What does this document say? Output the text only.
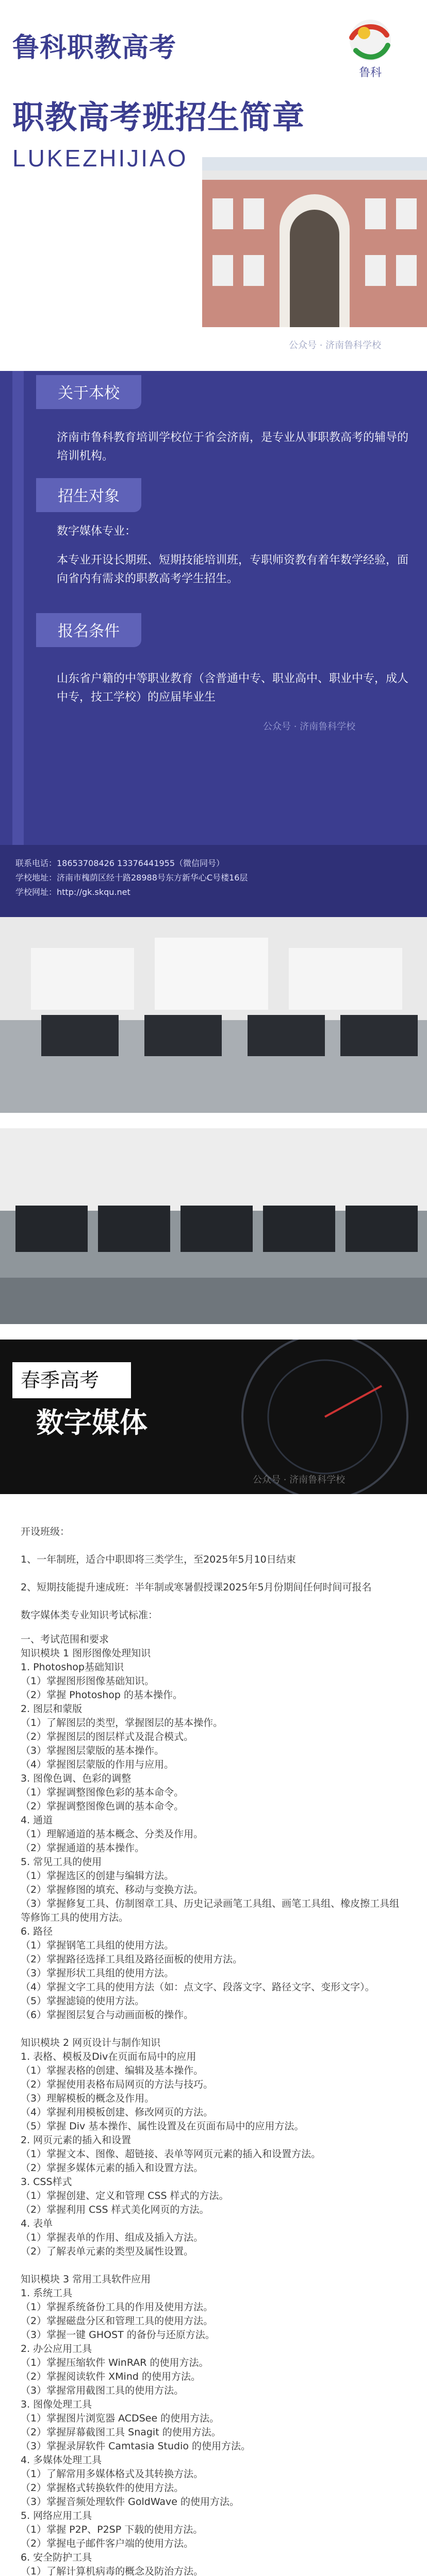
鲁科职教高考
鲁科
职教高考班招生简章
LUKEZHIJIAO
公众号 · 济南鲁科学校
关于本校
济南市鲁科教育培训学校位于省会济南，是专业从事职教高考的辅导的培训机构。
招生对象
数字媒体专业：
本专业开设长期班、短期技能培训班，专职师资教有着年数学经验，面向省内有需求的职教高考学生招生。
报名条件
山东省户籍的中等职业教育（含普通中专、职业高中、职业中专，成人中专，技工学校）的应届毕业生
公众号 · 济南鲁科学校
联系电话：18653708426 13376441955（微信同号）
学校地址：济南市槐荫区经十路28988号东方新华心C号楼16层
学校网址：http://gk.skqu.net
春季高考
数字媒体
公众号 · 济南鲁科学校

开设班级：

1、一年制班，适合中职即将三类学生，至2025年5月10日结束

2、短期技能提升速成班：半年制或寒暑假授课2025年5月份期间任何时间可报名

数字媒体类专业知识考试标准：

一、考试范围和要求
知识模块 1 图形图像处理知识
1. Photoshop基础知识
（1）掌握图形图像基础知识。
（2）掌握 Photoshop 的基本操作。
2. 图层和蒙版
（1）了解图层的类型，掌握图层的基本操作。
（2）掌握图层的图层样式及混合模式。
（3）掌握图层蒙版的基本操作。
（4）掌握图层蒙版的作用与应用。
3. 图像色调、色彩的调整
（1）掌握调整图像色彩的基本命令。
（2）掌握调整图像色调的基本命令。
4. 通道
（1）理解通道的基本概念、分类及作用。
（2）掌握通道的基本操作。
5. 常见工具的使用
（1）掌握选区的创建与编辑方法。
（2）掌握修图的填充、移动与变换方法。
（3）掌握修复工具、仿制图章工具、历史记录画笔工具组、画笔工具组、橡皮擦工具组等修饰工具的使用方法。
6. 路径
（1）掌握钢笔工具组的使用方法。
（2）掌握路径选择工具组及路径面板的使用方法。
（3）掌握形状工具组的使用方法。
（4）掌握文字工具的使用方法（如：点文字、段落文字、路径文字、变形文字）。
（5）掌握滤镜的使用方法。
（6）掌握图层复合与动画面板的操作。

知识模块 2 网页设计与制作知识
1. 表格、模板及Div在页面布局中的应用
（1）掌握表格的创建、编辑及基本操作。
（2）掌握使用表格布局网页的方法与技巧。
（3）理解模板的概念及作用。
（4）掌握利用模板创建、修改网页的方法。
（5）掌握 Div 基本操作、属性设置及在页面布局中的应用方法。
2. 网页元素的插入和设置
（1）掌握文本、图像、超链接、表单等网页元素的插入和设置方法。
（2）掌握多媒体元素的插入和设置方法。
3. CSS样式
（1）掌握创建、定义和管理 CSS 样式的方法。
（2）掌握利用 CSS 样式美化网页的方法。
4. 表单
（1）掌握表单的作用、组成及插入方法。
（2）了解表单元素的类型及属性设置。

知识模块 3 常用工具软件应用
1. 系统工具
（1）掌握系统备份工具的作用及使用方法。
（2）掌握磁盘分区和管理工具的使用方法。
（3）掌握一键 GHOST 的备份与还原方法。
2. 办公应用工具
（1）掌握压缩软件 WinRAR 的使用方法。
（2）掌握阅读软件 XMind 的使用方法。
（3）掌握常用截图工具的使用方法。
3. 图像处理工具
（1）掌握图片浏览器 ACDSee 的使用方法。
（2）掌握屏幕截图工具 Snagit 的使用方法。
（3）掌握录屏软件 Camtasia Studio 的使用方法。
4. 多媒体处理工具
（1）了解常用多媒体格式及其转换方法。
（2）掌握格式转换软件的使用方法。
（3）掌握音频处理软件 GoldWave 的使用方法。
5. 网络应用工具
（1）掌握 P2P、P2SP 下载的使用方法。
（2）掌握电子邮件客户端的使用方法。
6. 安全防护工具
（1）了解计算机病毒的概念及防治方法。
